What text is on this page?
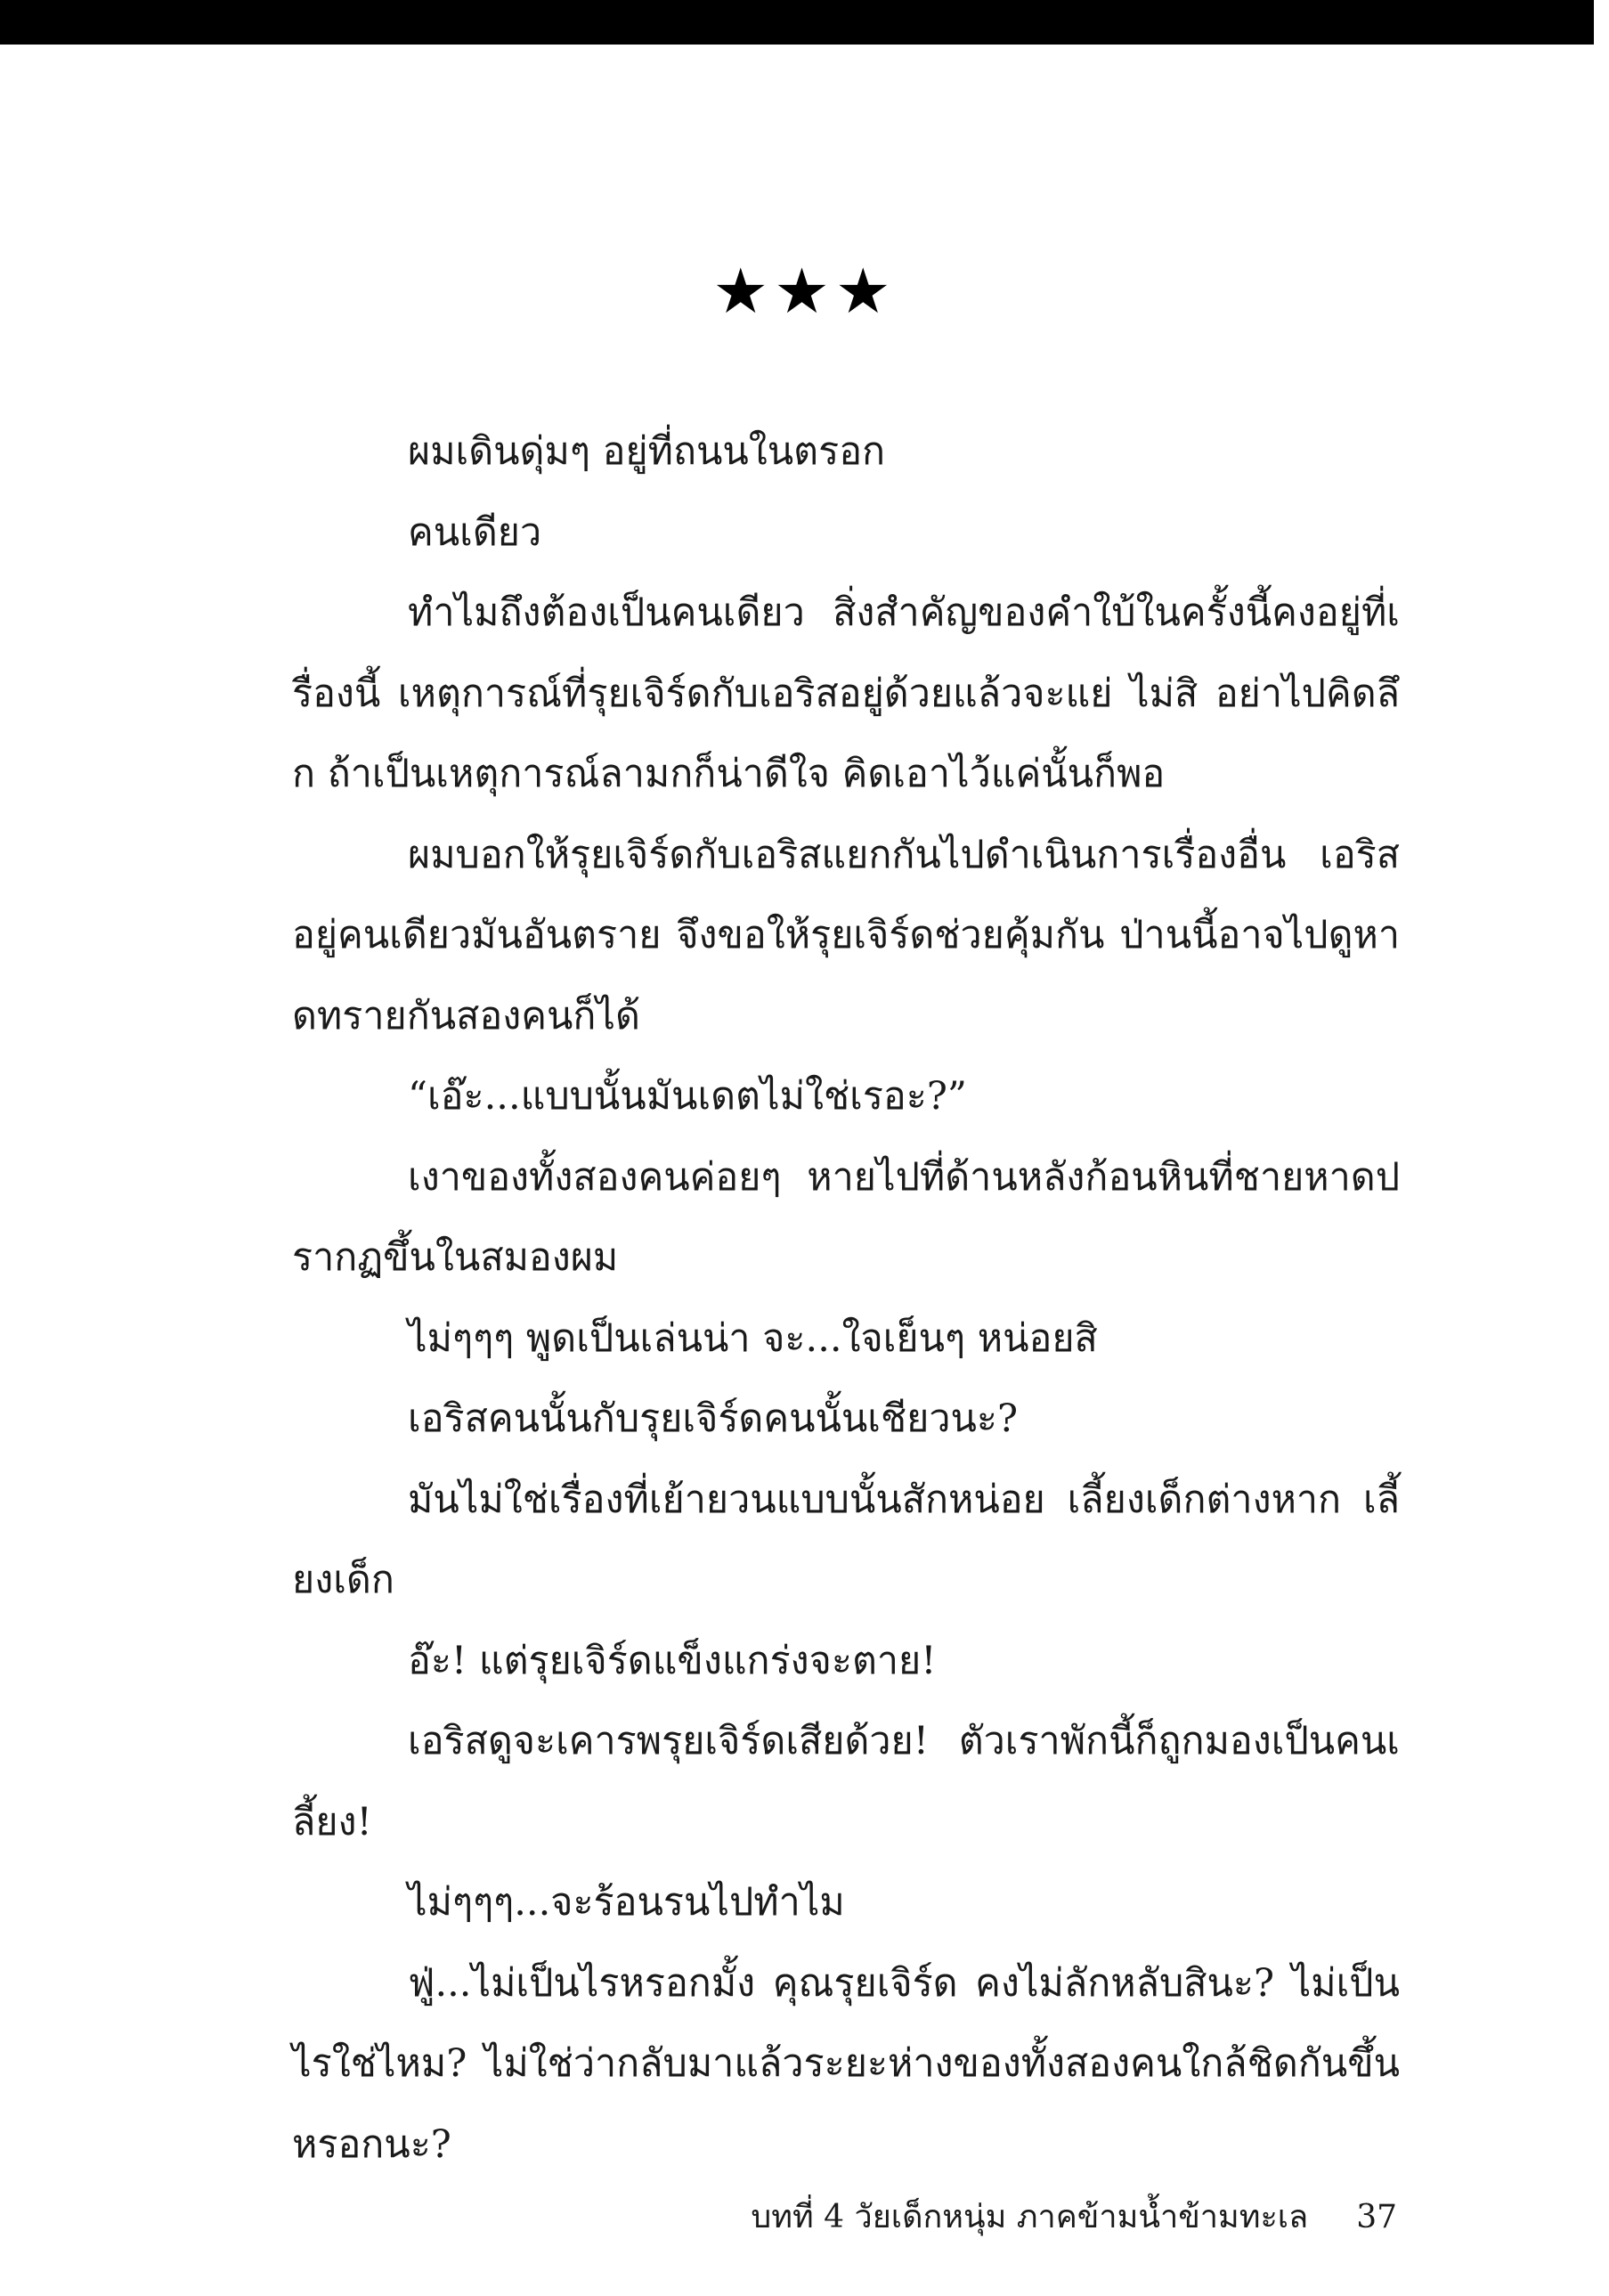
★★★

ผมเดินดุ่มๆ อยู่ที่ถนนในตรอก

คนเดียว

ทำไมถึงต้องเป็นคนเดียว สิ่งสำคัญของคำใบ้ในครั้งนี้คงอยู่ที่เรื่องนี้ เหตุการณ์ที่รุยเจิร์ดกับเอริสอยู่ด้วยแล้วจะแย่ ไม่สิ อย่าไปคิดลึก ถ้าเป็นเหตุการณ์ลามกก็น่าดีใจ คิดเอาไว้แค่นั้นก็พอ

ผมบอกให้รุยเจิร์ดกับเอริสแยกกันไปดำเนินการเรื่องอื่น เอริสอยู่คนเดียวมันอันตราย จึงขอให้รุยเจิร์ดช่วยคุ้มกัน ป่านนี้อาจไปดูหาดทรายกันสองคนก็ได้

“เอ๊ะ...แบบนั้นมันเดตไม่ใช่เรอะ?”

เงาของทั้งสองคนค่อยๆ หายไปที่ด้านหลังก้อนหินที่ชายหาดปรากฏขึ้นในสมองผม

ไม่ๆๆๆ พูดเป็นเล่นน่า จะ...ใจเย็นๆ หน่อยสิ

เอริสคนนั้นกับรุยเจิร์ดคนนั้นเชียวนะ?

มันไม่ใช่เรื่องที่เย้ายวนแบบนั้นสักหน่อย เลี้ยงเด็กต่างหาก เลี้ยงเด็ก

อ๊ะ! แต่รุยเจิร์ดแข็งแกร่งจะตาย!

เอริสดูจะเคารพรุยเจิร์ดเสียด้วย! ตัวเราพักนี้ก็ถูกมองเป็นคนเลี้ยง!

ไม่ๆๆๆ...จะร้อนรนไปทำไม

ฟู่...ไม่เป็นไรหรอกมั้ง คุณรุยเจิร์ด คงไม่ลักหลับสินะ? ไม่เป็นไรใช่ไหม? ไม่ใช่ว่ากลับมาแล้วระยะห่างของทั้งสองคนใกล้ชิดกันขึ้นหรอกนะ?

บทที่ 4 วัยเด็กหนุ่ม ภาคข้ามน้ำข้ามทะเล 37
